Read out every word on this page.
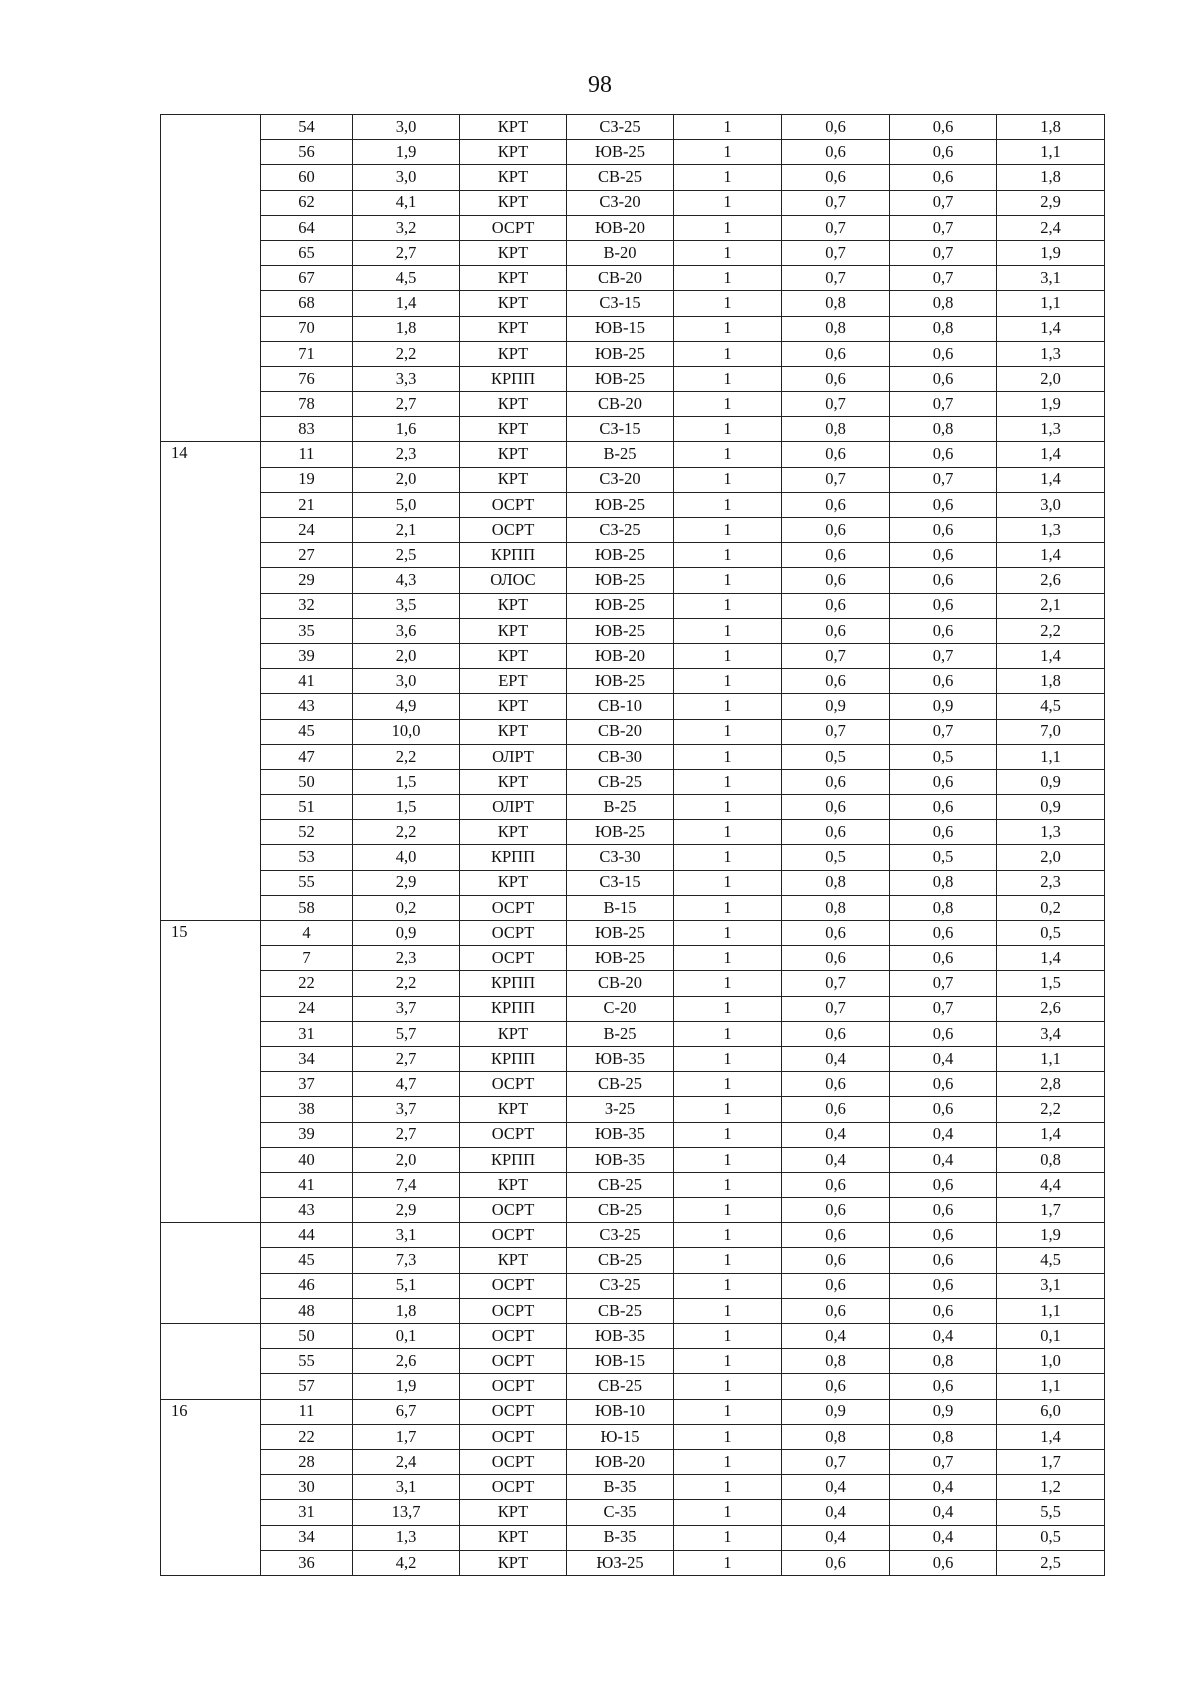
98
	54	3,0	КРТ	СЗ-25	1	0,6	0,6	1,8
	56	1,9	КРТ	ЮВ-25	1	0,6	0,6	1,1
	60	3,0	КРТ	СВ-25	1	0,6	0,6	1,8
	62	4,1	КРТ	СЗ-20	1	0,7	0,7	2,9
	64	3,2	ОСРТ	ЮВ-20	1	0,7	0,7	2,4
	65	2,7	КРТ	В-20	1	0,7	0,7	1,9
	67	4,5	КРТ	СВ-20	1	0,7	0,7	3,1
	68	1,4	КРТ	СЗ-15	1	0,8	0,8	1,1
	70	1,8	КРТ	ЮВ-15	1	0,8	0,8	1,4
	71	2,2	КРТ	ЮВ-25	1	0,6	0,6	1,3
	76	3,3	КРПП	ЮВ-25	1	0,6	0,6	2,0
	78	2,7	КРТ	СВ-20	1	0,7	0,7	1,9
	83	1,6	КРТ	СЗ-15	1	0,8	0,8	1,3
14	11	2,3	КРТ	В-25	1	0,6	0,6	1,4
	19	2,0	КРТ	СЗ-20	1	0,7	0,7	1,4
	21	5,0	ОСРТ	ЮВ-25	1	0,6	0,6	3,0
	24	2,1	ОСРТ	СЗ-25	1	0,6	0,6	1,3
	27	2,5	КРПП	ЮВ-25	1	0,6	0,6	1,4
	29	4,3	ОЛОС	ЮВ-25	1	0,6	0,6	2,6
	32	3,5	КРТ	ЮВ-25	1	0,6	0,6	2,1
	35	3,6	КРТ	ЮВ-25	1	0,6	0,6	2,2
	39	2,0	КРТ	ЮВ-20	1	0,7	0,7	1,4
	41	3,0	ЕРТ	ЮВ-25	1	0,6	0,6	1,8
	43	4,9	КРТ	СВ-10	1	0,9	0,9	4,5
	45	10,0	КРТ	СВ-20	1	0,7	0,7	7,0
	47	2,2	ОЛРТ	СВ-30	1	0,5	0,5	1,1
	50	1,5	КРТ	СВ-25	1	0,6	0,6	0,9
	51	1,5	ОЛРТ	В-25	1	0,6	0,6	0,9
	52	2,2	КРТ	ЮВ-25	1	0,6	0,6	1,3
	53	4,0	КРПП	СЗ-30	1	0,5	0,5	2,0
	55	2,9	КРТ	СЗ-15	1	0,8	0,8	2,3
	58	0,2	ОСРТ	В-15	1	0,8	0,8	0,2
15	4	0,9	ОСРТ	ЮВ-25	1	0,6	0,6	0,5
	7	2,3	ОСРТ	ЮВ-25	1	0,6	0,6	1,4
	22	2,2	КРПП	СВ-20	1	0,7	0,7	1,5
	24	3,7	КРПП	С-20	1	0,7	0,7	2,6
	31	5,7	КРТ	В-25	1	0,6	0,6	3,4
	34	2,7	КРПП	ЮВ-35	1	0,4	0,4	1,1
	37	4,7	ОСРТ	СВ-25	1	0,6	0,6	2,8
	38	3,7	КРТ	З-25	1	0,6	0,6	2,2
	39	2,7	ОСРТ	ЮВ-35	1	0,4	0,4	1,4
	40	2,0	КРПП	ЮВ-35	1	0,4	0,4	0,8
	41	7,4	КРТ	СВ-25	1	0,6	0,6	4,4
	43	2,9	ОСРТ	СВ-25	1	0,6	0,6	1,7
	44	3,1	ОСРТ	СЗ-25	1	0,6	0,6	1,9
	45	7,3	КРТ	СВ-25	1	0,6	0,6	4,5
	46	5,1	ОСРТ	СЗ-25	1	0,6	0,6	3,1
	48	1,8	ОСРТ	СВ-25	1	0,6	0,6	1,1
	50	0,1	ОСРТ	ЮВ-35	1	0,4	0,4	0,1
	55	2,6	ОСРТ	ЮВ-15	1	0,8	0,8	1,0
	57	1,9	ОСРТ	СВ-25	1	0,6	0,6	1,1
16	11	6,7	ОСРТ	ЮВ-10	1	0,9	0,9	6,0
	22	1,7	ОСРТ	Ю-15	1	0,8	0,8	1,4
	28	2,4	ОСРТ	ЮВ-20	1	0,7	0,7	1,7
	30	3,1	ОСРТ	В-35	1	0,4	0,4	1,2
	31	13,7	КРТ	С-35	1	0,4	0,4	5,5
	34	1,3	КРТ	В-35	1	0,4	0,4	0,5
	36	4,2	КРТ	ЮЗ-25	1	0,6	0,6	2,5
